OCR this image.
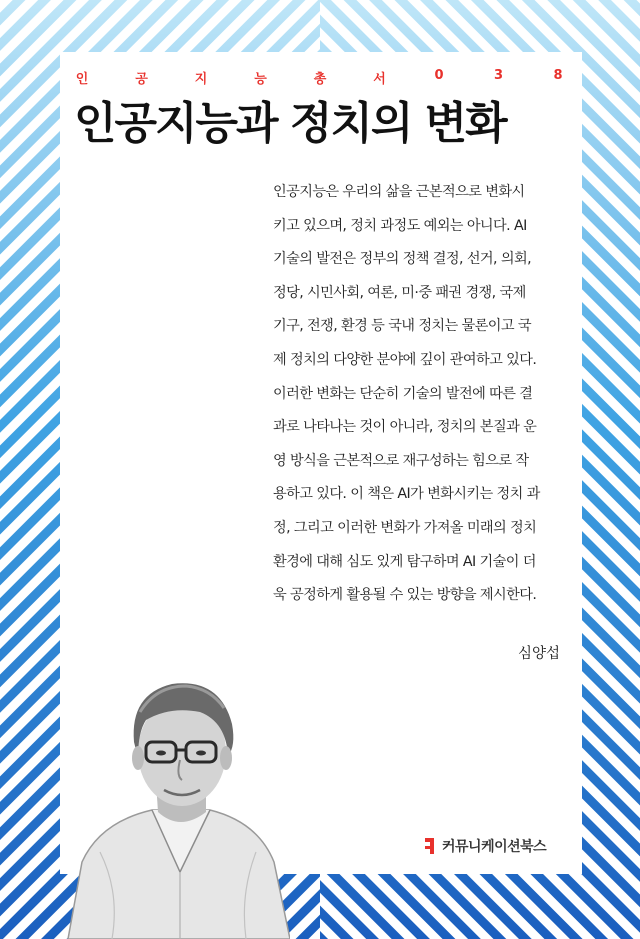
인	공	지	능	총	서	0	3	8
인공지능과 정치의 변화
인공지능은 우리의 삶을 근본적으로 변화시
키고 있으며, 정치 과정도 예외는 아니다. AI
기술의 발전은 정부의 정책 결정, 선거, 의회,
정당, 시민사회, 여론, 미·중 패권 경쟁, 국제
기구, 전쟁, 환경 등 국내 정치는 물론이고 국
제 정치의 다양한 분야에 깊이 관여하고 있다.
이러한 변화는 단순히 기술의 발전에 따른 결
과로 나타나는 것이 아니라, 정치의 본질과 운
영 방식을 근본적으로 재구성하는 힘으로 작
용하고 있다. 이 책은 AI가 변화시키는 정치 과
정, 그리고 이러한 변화가 가져올 미래의 정치
환경에 대해 심도 있게 탐구하며 AI 기술이 더
욱 공정하게 활용될 수 있는 방향을 제시한다.
심양섭
커뮤니케이션북스
